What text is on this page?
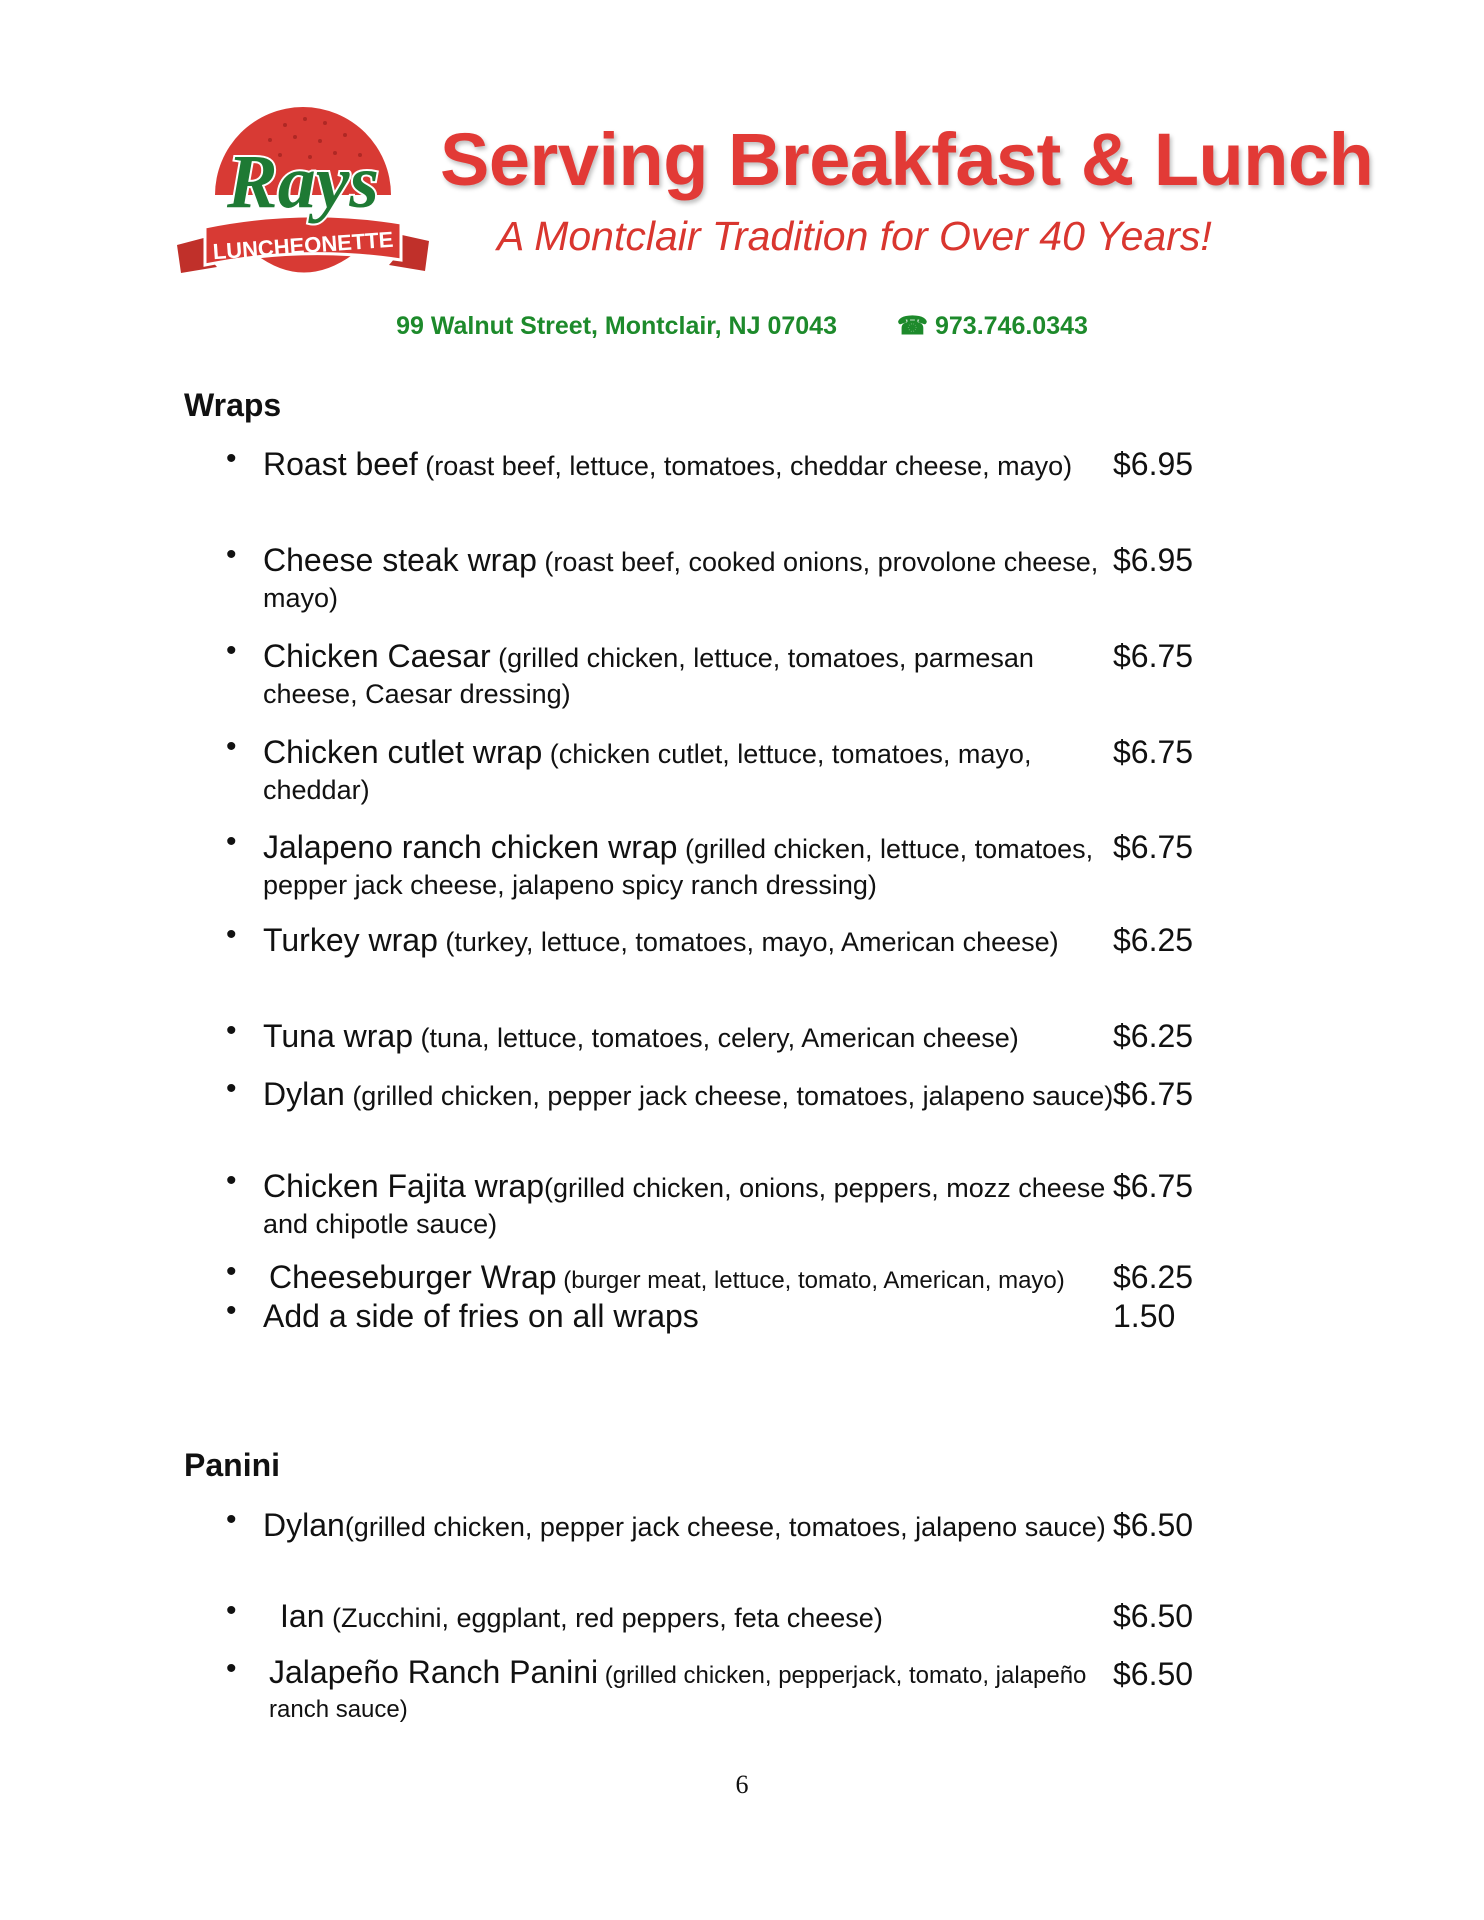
LUNCHEONETTE
Rays Serving Breakfast & Lunch
A Montclair Tradition for Over 40 Years!
99 Walnut Street, Montclair, NJ 07043 ☎ 973.746.0343
Wraps
• Roast beef (roast beef, lettuce, tomatoes, cheddar cheese, mayo)	$6.95
• Cheese steak wrap (roast beef, cooked onions, provolone cheese, mayo)
$6.95
• Chicken Caesar (grilled chicken, lettuce, tomatoes, parmesan cheese, Caesar dressing)
$6.75
• Chicken cutlet wrap (chicken cutlet, lettuce, tomatoes, mayo, cheddar)
$6.75
• Jalapeno ranch chicken wrap (grilled chicken, lettuce, tomatoes, pepper jack cheese, jalapeno spicy ranch dressing)
$6.75
• Turkey wrap (turkey, lettuce, tomatoes, mayo, American cheese)	$6.25
• Tuna wrap (tuna, lettuce, tomatoes, celery, American cheese)	$6.25
• Dylan (grilled chicken, pepper jack cheese, tomatoes, jalapeno sauce) $6.75
• Chicken Fajita wrap(grilled chicken, onions, peppers, mozz cheese and chipotle sauce)
$6.75
• Cheeseburger Wrap (burger meat, lettuce, tomato, American, mayo)	$6.25
• Add a side of fries on all wraps	1.50
Panini
• Dylan(grilled chicken, pepper jack cheese, tomatoes, jalapeno sauce) $6.50
• Ian (Zucchini, eggplant, red peppers, feta cheese)	$6.50
• Jalapeño Ranch Panini (grilled chicken, pepperjack, tomato, jalapeño ranch sauce)
$6.50
6
